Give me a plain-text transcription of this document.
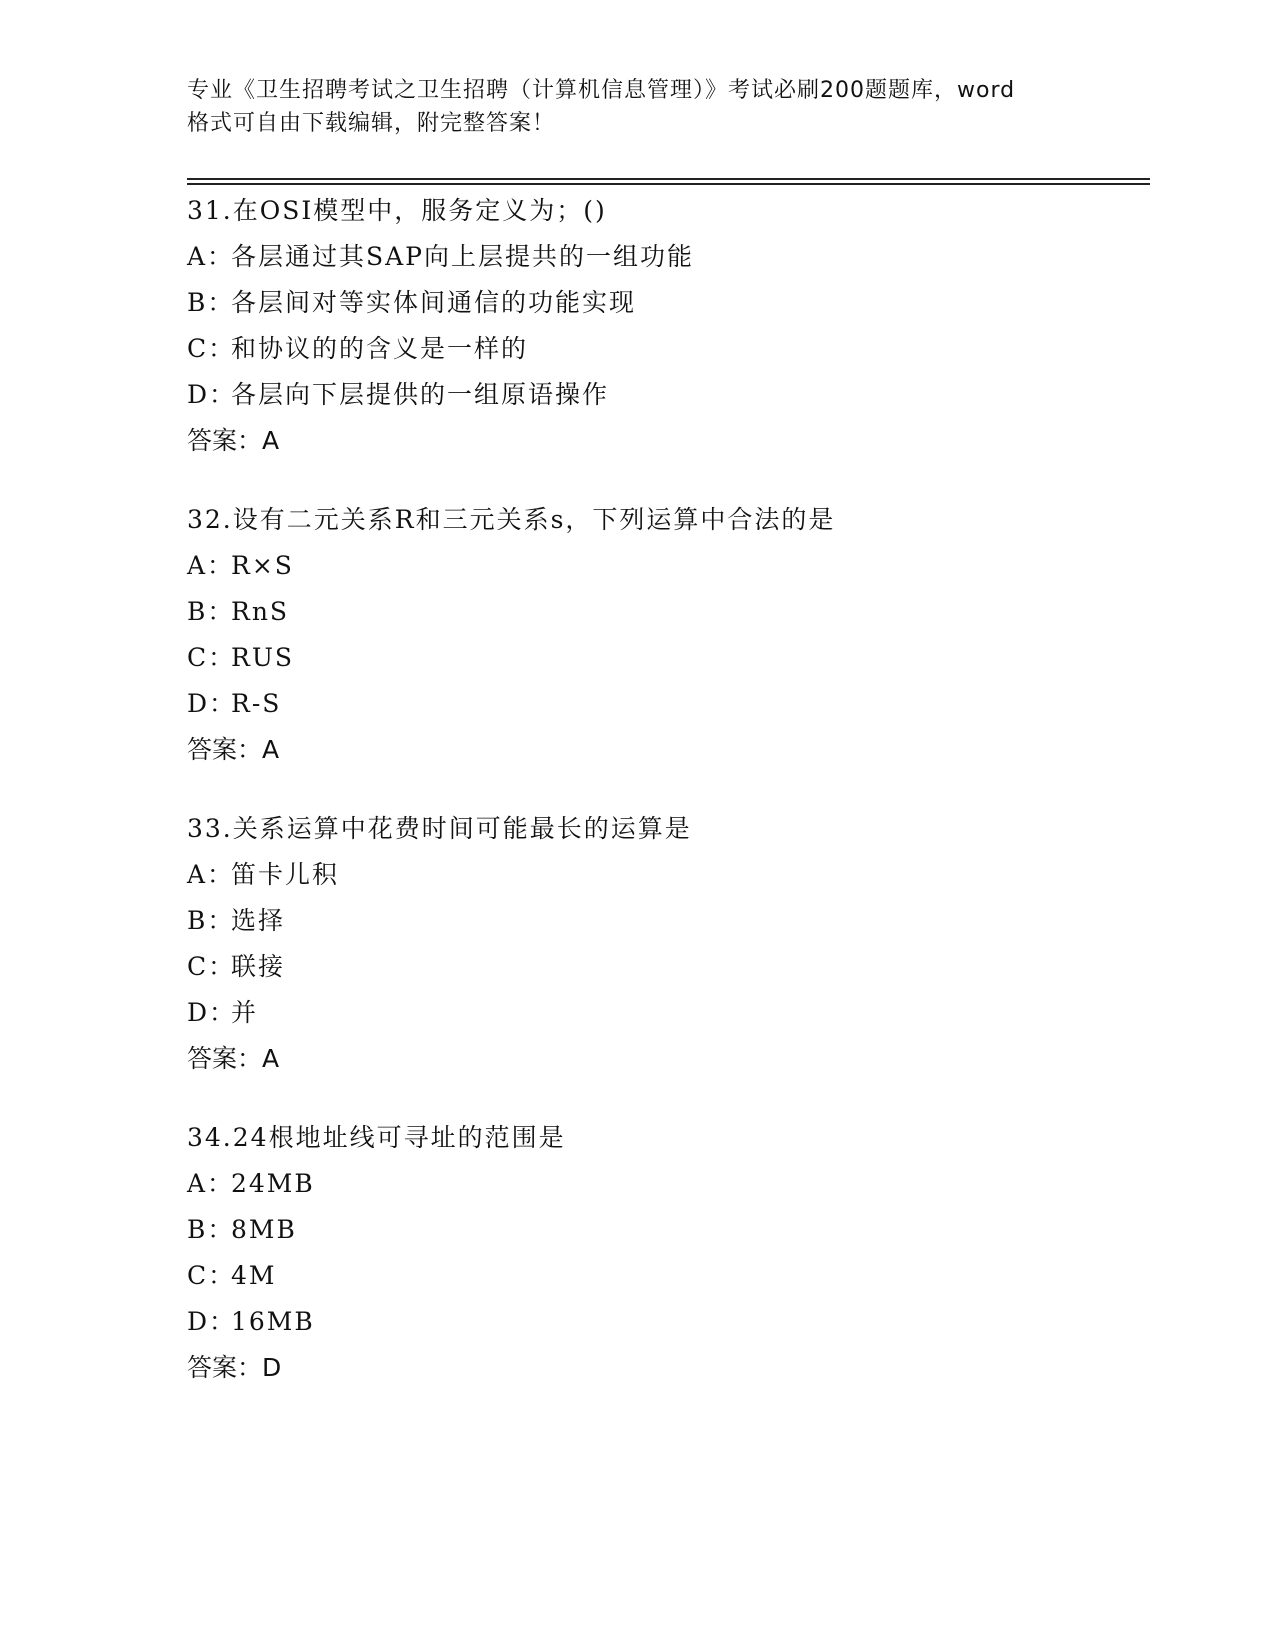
专业《卫生招聘考试之卫生招聘（计算机信息管理）》考试必刷200题题库，word
格式可自由下载编辑，附完整答案！
31.在OSI模型中，服务定义为；()
A：各层通过其SAP向上层提共的一组功能
B：各层间对等实体间通信的功能实现
C：和协议的的含义是一样的
D：各层向下层提供的一组原语操作
答案：A
32.设有二元关系R和三元关系s，下列运算中合法的是
A：R×S
B：RnS
C：RUS
D：R-S
答案：A
33.关系运算中花费时间可能最长的运算是
A：笛卡儿积
B：选择
C：联接
D：并
答案：A
34.24根地址线可寻址的范围是
A：24MB
B：8MB
C：4M
D：16MB
答案：D
